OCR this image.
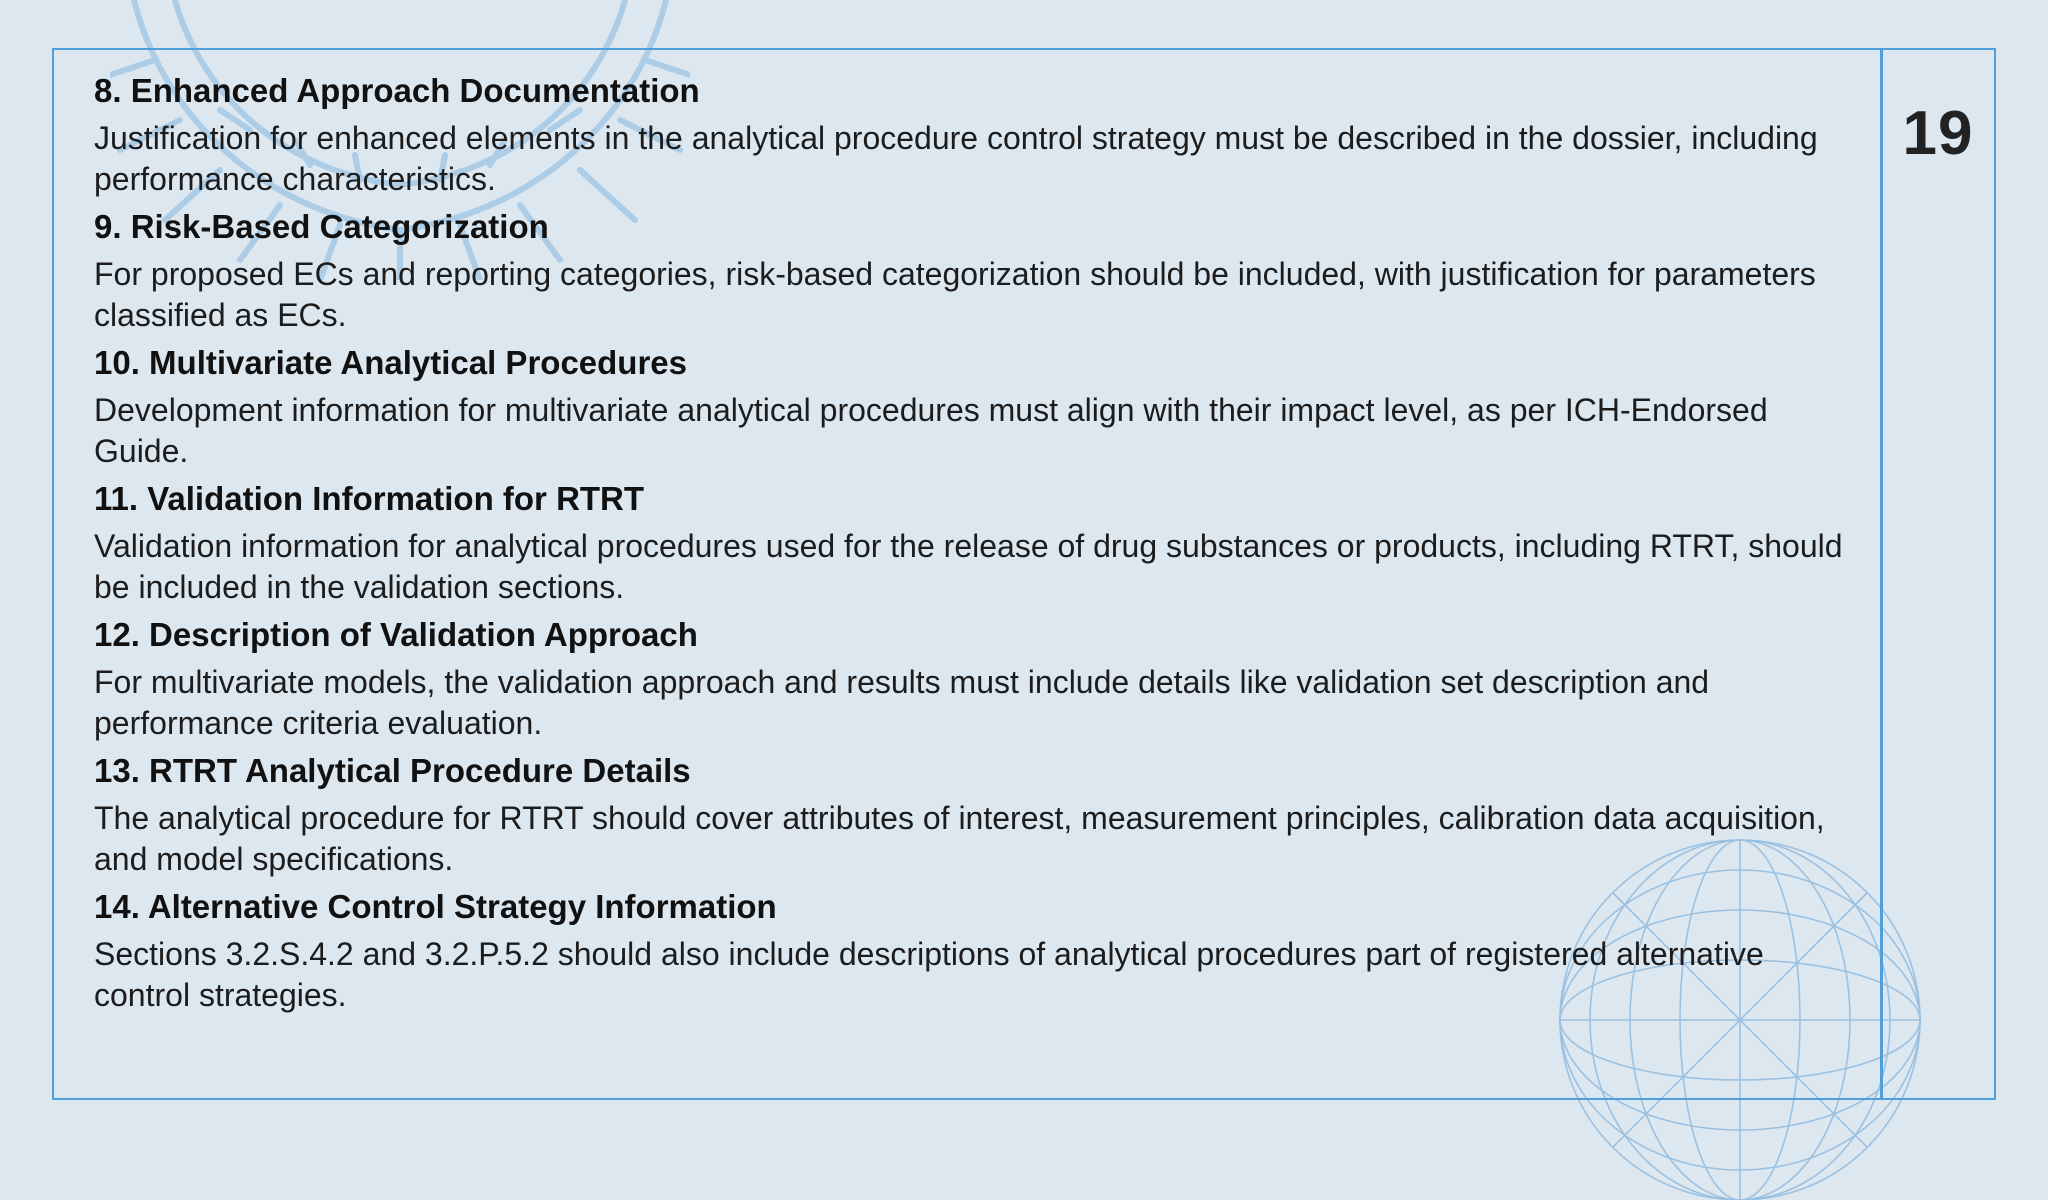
19

8. Enhanced Approach Documentation

Justification for enhanced elements in the analytical procedure control strategy must be described in the dossier, including performance characteristics.

9. Risk-Based Categorization

For proposed ECs and reporting categories, risk-based categorization should be included, with justification for parameters classified as ECs.

10. Multivariate Analytical Procedures

Development information for multivariate analytical procedures must align with their impact level, as per ICH-Endorsed Guide.

11. Validation Information for RTRT

Validation information for analytical procedures used for the release of drug substances or products, including RTRT, should be included in the validation sections.

12. Description of Validation Approach

For multivariate models, the validation approach and results must include details like validation set description and performance criteria evaluation.

13. RTRT Analytical Procedure Details

The analytical procedure for RTRT should cover attributes of interest, measurement principles, calibration data acquisition, and model specifications.

14. Alternative Control Strategy Information

Sections 3.2.S.4.2 and 3.2.P.5.2 should also include descriptions of analytical procedures part of registered alternative control strategies.
